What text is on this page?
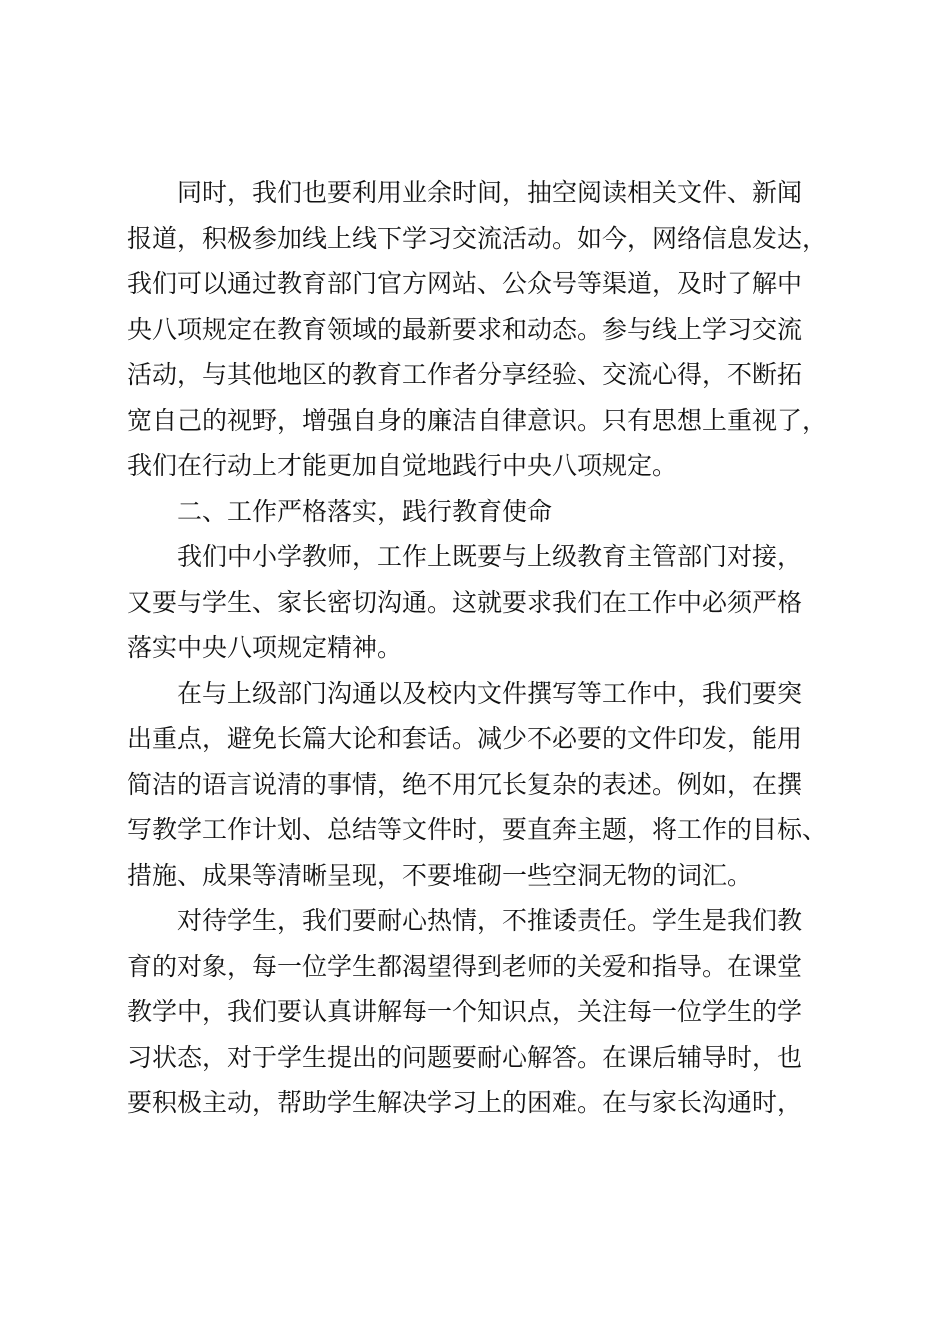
同时，我们也要利用业余时间，抽空阅读相关文件、新闻
报道，积极参加线上线下学习交流活动。如今，网络信息发达，
我们可以通过教育部门官方网站、公众号等渠道，及时了解中
央八项规定在教育领域的最新要求和动态。参与线上学习交流
活动，与其他地区的教育工作者分享经验、交流心得，不断拓
宽自己的视野，增强自身的廉洁自律意识。只有思想上重视了，
我们在行动上才能更加自觉地践行中央八项规定。
二、工作严格落实，践行教育使命
我们中小学教师，工作上既要与上级教育主管部门对接，
又要与学生、家长密切沟通。这就要求我们在工作中必须严格
落实中央八项规定精神。
在与上级部门沟通以及校内文件撰写等工作中，我们要突
出重点，避免长篇大论和套话。减少不必要的文件印发，能用
简洁的语言说清的事情，绝不用冗长复杂的表述。例如，在撰
写教学工作计划、总结等文件时，要直奔主题，将工作的目标、
措施、成果等清晰呈现，不要堆砌一些空洞无物的词汇。
对待学生，我们要耐心热情，不推诿责任。学生是我们教
育的对象，每一位学生都渴望得到老师的关爱和指导。在课堂
教学中，我们要认真讲解每一个知识点，关注每一位学生的学
习状态，对于学生提出的问题要耐心解答。在课后辅导时，也
要积极主动，帮助学生解决学习上的困难。在与家长沟通时，
